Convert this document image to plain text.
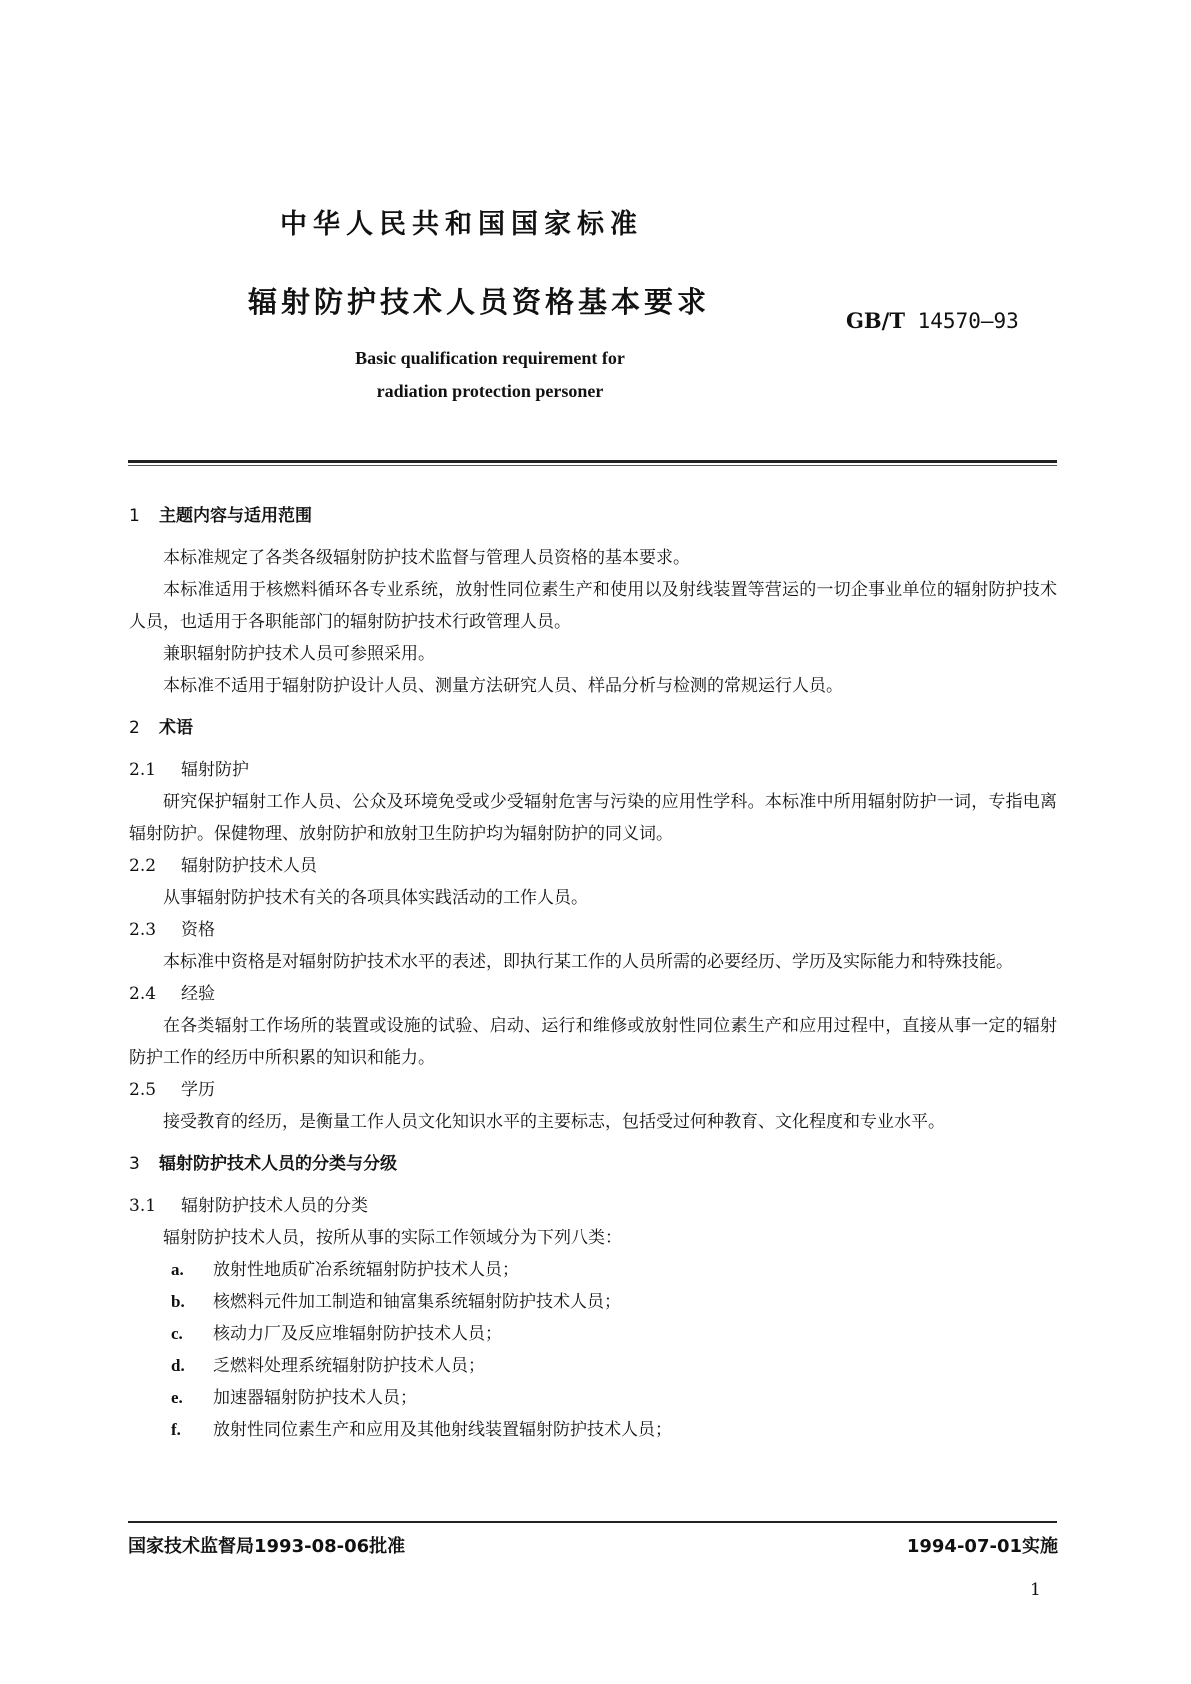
中华人民共和国国家标准
辐射防护技术人员资格基本要求
GB/T 14570—93
Basic qualification requirement for
radiation protection personer

1 主题内容与适用范围

本标准规定了各类各级辐射防护技术监督与管理人员资格的基本要求。

本标准适用于核燃料循环各专业系统，放射性同位素生产和使用以及射线装置等营运的一切企事业单位的辐射防护技术人员，也适用于各职能部门的辐射防护技术行政管理人员。

兼职辐射防护技术人员可参照采用。

本标准不适用于辐射防护设计人员、测量方法研究人员、样品分析与检测的常规运行人员。

2 术语

2.1 辐射防护

研究保护辐射工作人员、公众及环境免受或少受辐射危害与污染的应用性学科。本标准中所用辐射防护一词，专指电离辐射防护。保健物理、放射防护和放射卫生防护均为辐射防护的同义词。

2.2 辐射防护技术人员

从事辐射防护技术有关的各项具体实践活动的工作人员。

2.3 资格

本标准中资格是对辐射防护技术水平的表述，即执行某工作的人员所需的必要经历、学历及实际能力和特殊技能。

2.4 经验

在各类辐射工作场所的装置或设施的试验、启动、运行和维修或放射性同位素生产和应用过程中，直接从事一定的辐射防护工作的经历中所积累的知识和能力。

2.5 学历

接受教育的经历，是衡量工作人员文化知识水平的主要标志，包括受过何种教育、文化程度和专业水平。

3 辐射防护技术人员的分类与分级

3.1 辐射防护技术人员的分类

辐射防护技术人员，按所从事的实际工作领域分为下列八类：

a. 放射性地质矿冶系统辐射防护技术人员；

b. 核燃料元件加工制造和铀富集系统辐射防护技术人员；

c. 核动力厂及反应堆辐射防护技术人员；

d. 乏燃料处理系统辐射防护技术人员；

e. 加速器辐射防护技术人员；

f. 放射性同位素生产和应用及其他射线装置辐射防护技术人员；

国家技术监督局1993-08-06批准	1994-07-01实施
1
